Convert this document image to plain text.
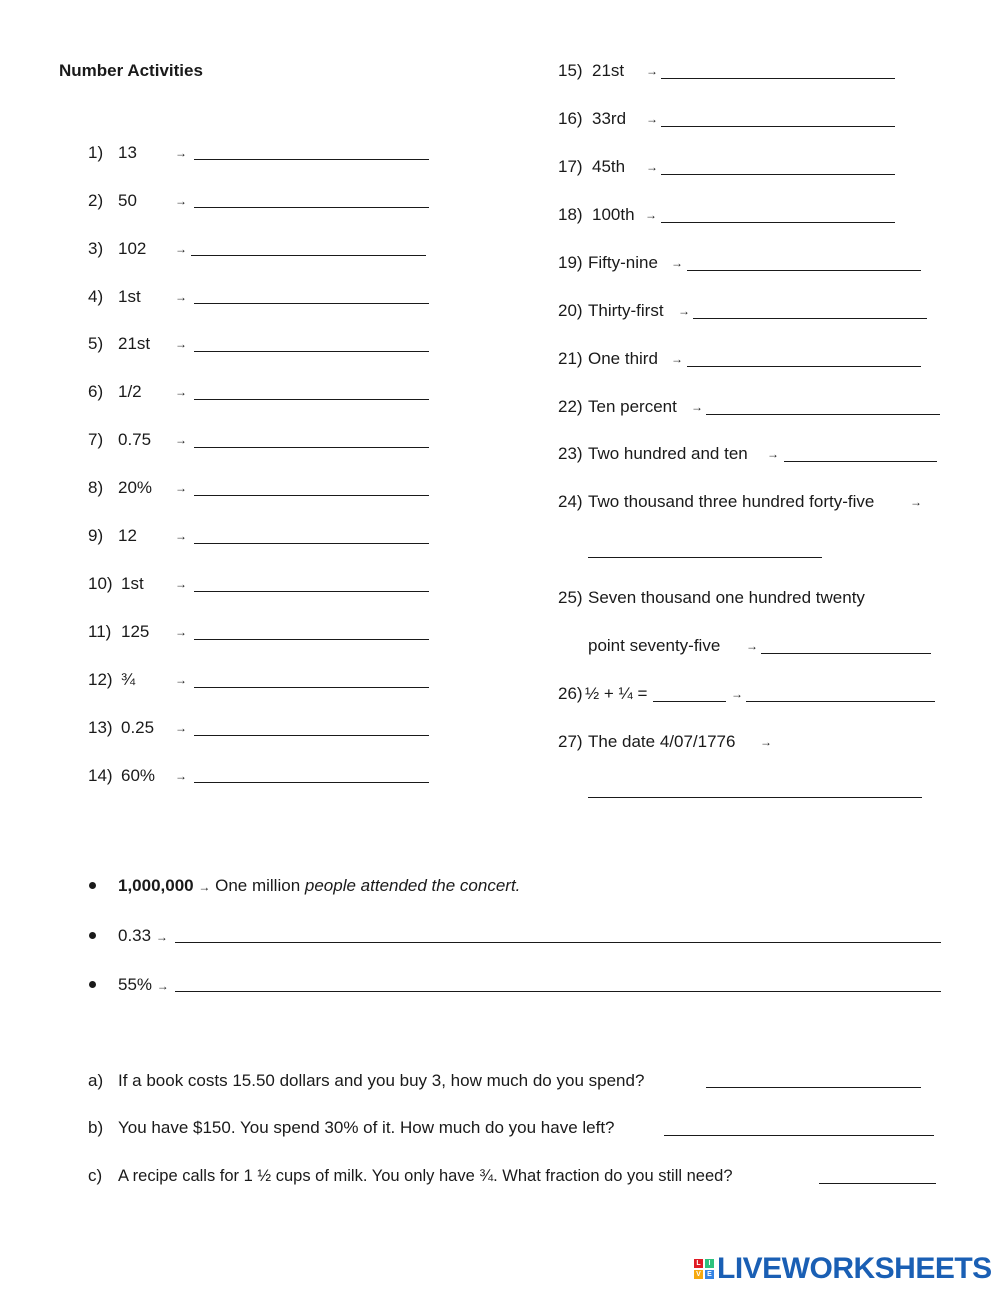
Number Activities
1) 13	→
2) 50	→
3) 102 →
4) 1st	→
5) 21st →
6) 1/2	→
7) 0.75 →
8) 20% →
9) 12	→
10) 1st	→
11) 125 →
12) ¾	→
13) 0.25 →
14) 60% →
15) 21st →
16) 33rd →
17) 45th →
18) 100th →
19) Fifty-nine →
20) Thirty-first →
21) One third →
22) Ten percent →
23) Two hundred and ten →
24) Two thousand three hundred forty-five	→
25) Seven thousand one hundred twenty
point seventy-five →
26) ½ + ¼ =	→
27) The date 4/07/1776 →
1,000,000 → One million people attended the concert.
0.33 →
55% →
a) If a book costs 15.50 dollars and you buy 3, how much do you spend?
b) You have $150. You spend 30% of it. How much do you have left?
c) A recipe calls for 1 ½ cups of milk. You only have ¾. What fraction do you still need?
L	I
V E LIVEWORKSHEETS
